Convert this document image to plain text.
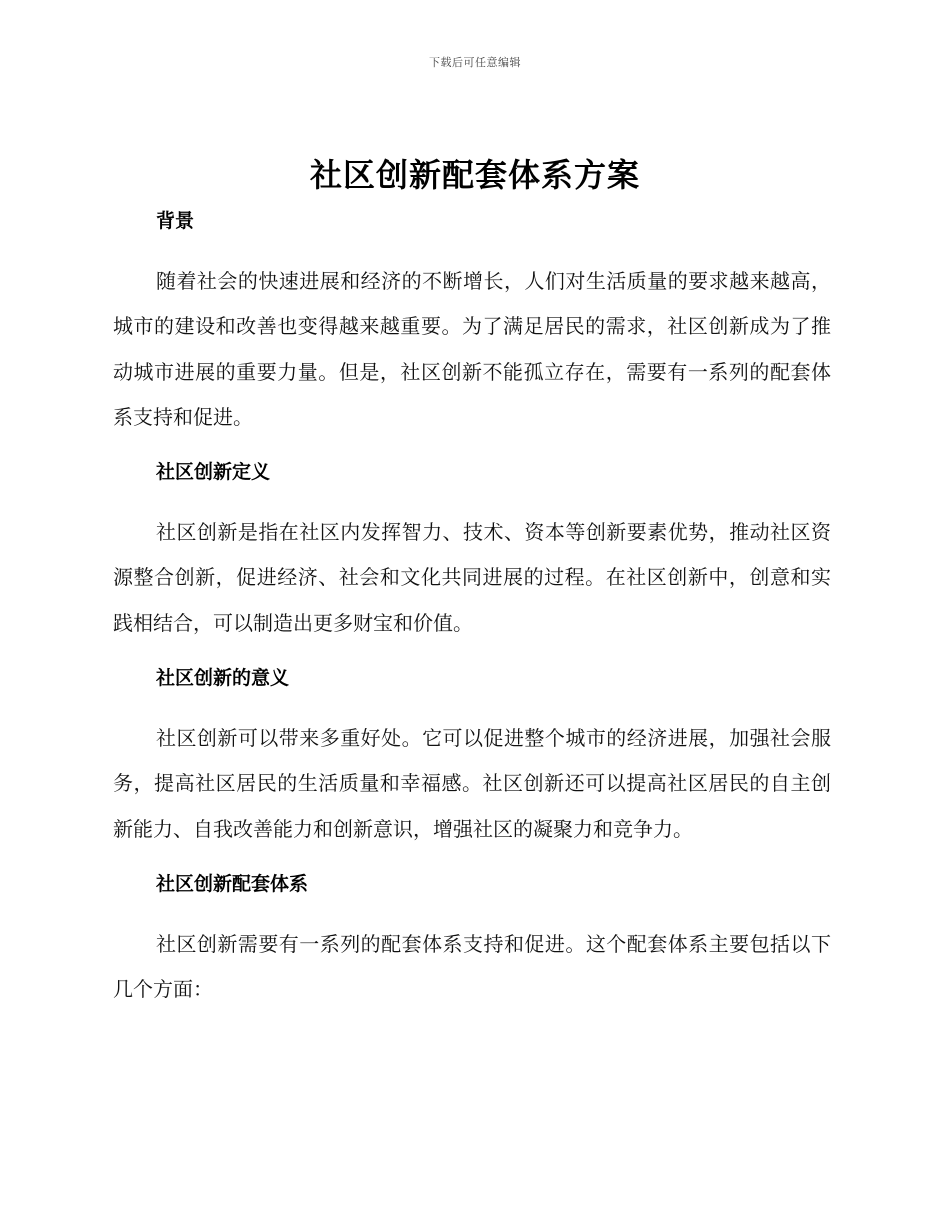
下载后可任意编辑
社区创新配套体系方案
背景

随着社会的快速进展和经济的不断增长，人们对生活质量的要求越来越高，城市的建设和改善也变得越来越重要。为了满足居民的需求，社区创新成为了推动城市进展的重要力量。但是，社区创新不能孤立存在，需要有一系列的配套体系支持和促进。

社区创新定义

社区创新是指在社区内发挥智力、技术、资本等创新要素优势，推动社区资源整合创新，促进经济、社会和文化共同进展的过程。在社区创新中，创意和实践相结合，可以制造出更多财宝和价值。

社区创新的意义

社区创新可以带来多重好处。它可以促进整个城市的经济进展，加强社会服务，提高社区居民的生活质量和幸福感。社区创新还可以提高社区居民的自主创新能力、自我改善能力和创新意识，增强社区的凝聚力和竞争力。

社区创新配套体系

社区创新需要有一系列的配套体系支持和促进。这个配套体系主要包括以下几个方面：
